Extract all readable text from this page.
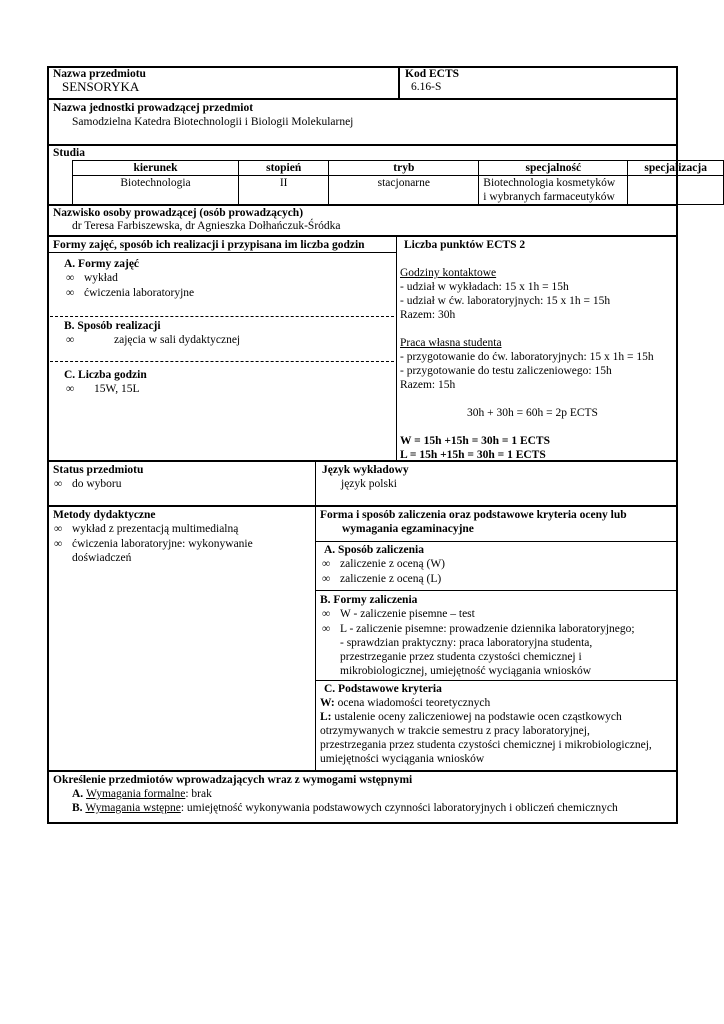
Nazwa przedmiotu
SENSORYKA
Kod ECTS
6.16-S
Nazwa jednostki prowadzącej przedmiot
Samodzielna Katedra Biotechnologii i Biologii Molekularnej
Studia
kierunek	stopień	tryb	specjalność	specjalizacja
Biotechnologia	II	stacjonarne	Biotechnologia kosmetyków
i wybranych farmaceutyków	
Nazwisko osoby prowadzącej (osób prowadzących)
dr Teresa Farbiszewska, dr Agnieszka Dołhańczuk-Śródka
Formy zajęć, sposób ich realizacji i przypisana im liczba godzin
A. Formy zajęć
∞ wykład
∞ ćwiczenia laboratoryjne
B. Sposób realizacji
∞	zajęcia w sali dydaktycznej
C. Liczba godzin
∞ 15W, 15L
Liczba punktów ECTS 2
Godziny kontaktowe
- udział w wykładach: 15 x 1h = 15h
- udział w ćw. laboratoryjnych: 15 x 1h = 15h
Razem: 30h
Praca własna studenta
- przygotowanie do ćw. laboratoryjnych: 15 x 1h = 15h
- przygotowanie do testu zaliczeniowego: 15h
Razem: 15h
30h + 30h = 60h = 2p ECTS
W = 15h +15h = 30h = 1 ECTS
L = 15h +15h = 30h = 1 ECTS
Status przedmiotu
∞ do wyboru
Język wykładowy
język polski
Metody dydaktyczne
∞ wykład z prezentacją multimedialną
∞ ćwiczenia laboratoryjne: wykonywanie
doświadczeń
Forma i sposób zaliczenia oraz podstawowe kryteria oceny lub
wymagania egzaminacyjne
A. Sposób zaliczenia
∞ zaliczenie z oceną (W)
∞ zaliczenie z oceną (L)
B. Formy zaliczenia
∞ W - zaliczenie pisemne – test
∞ L - zaliczenie pisemne: prowadzenie dziennika laboratoryjnego;
- sprawdzian praktyczny: praca laboratoryjna studenta,
przestrzeganie przez studenta czystości chemicznej i
mikrobiologicznej, umiejętność wyciągania wniosków
C. Podstawowe kryteria
W: ocena wiadomości teoretycznych
L: ustalenie oceny zaliczeniowej na podstawie ocen cząstkowych
otrzymywanych w trakcie semestru z pracy laboratoryjnej,
przestrzegania przez studenta czystości chemicznej i mikrobiologicznej,
umiejętności wyciągania wniosków
Określenie przedmiotów wprowadzających wraz z wymogami wstępnymi
A. Wymagania formalne: brak
B. Wymagania wstępne: umiejętność wykonywania podstawowych czynności laboratoryjnych i obliczeń chemicznych
